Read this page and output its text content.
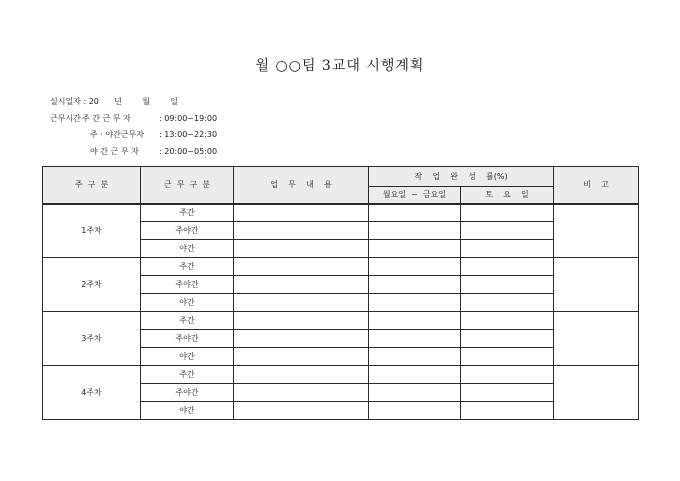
월 ○○팀 3교대 시행계획
실시일자 : 20      년        월        일
근무시간 주 간 근 무 자	: 09:00~19:00
주 · 야간근무자 : 13:00~22:30
야 간 근 무 자	: 20:00~05:00
주  구  분	근  무  구  분	업    무    내    용	작    업    완    성    률(%)		비    고
			월요일  ~  금요일	토    요    일	
1주차	주간				
	주야간				
	야간				
2주차	주간				
	주야간				
	야간				
3주차	주간				
	주야간				
	야간				
4주차	주간				
	주야간				
	야간				
